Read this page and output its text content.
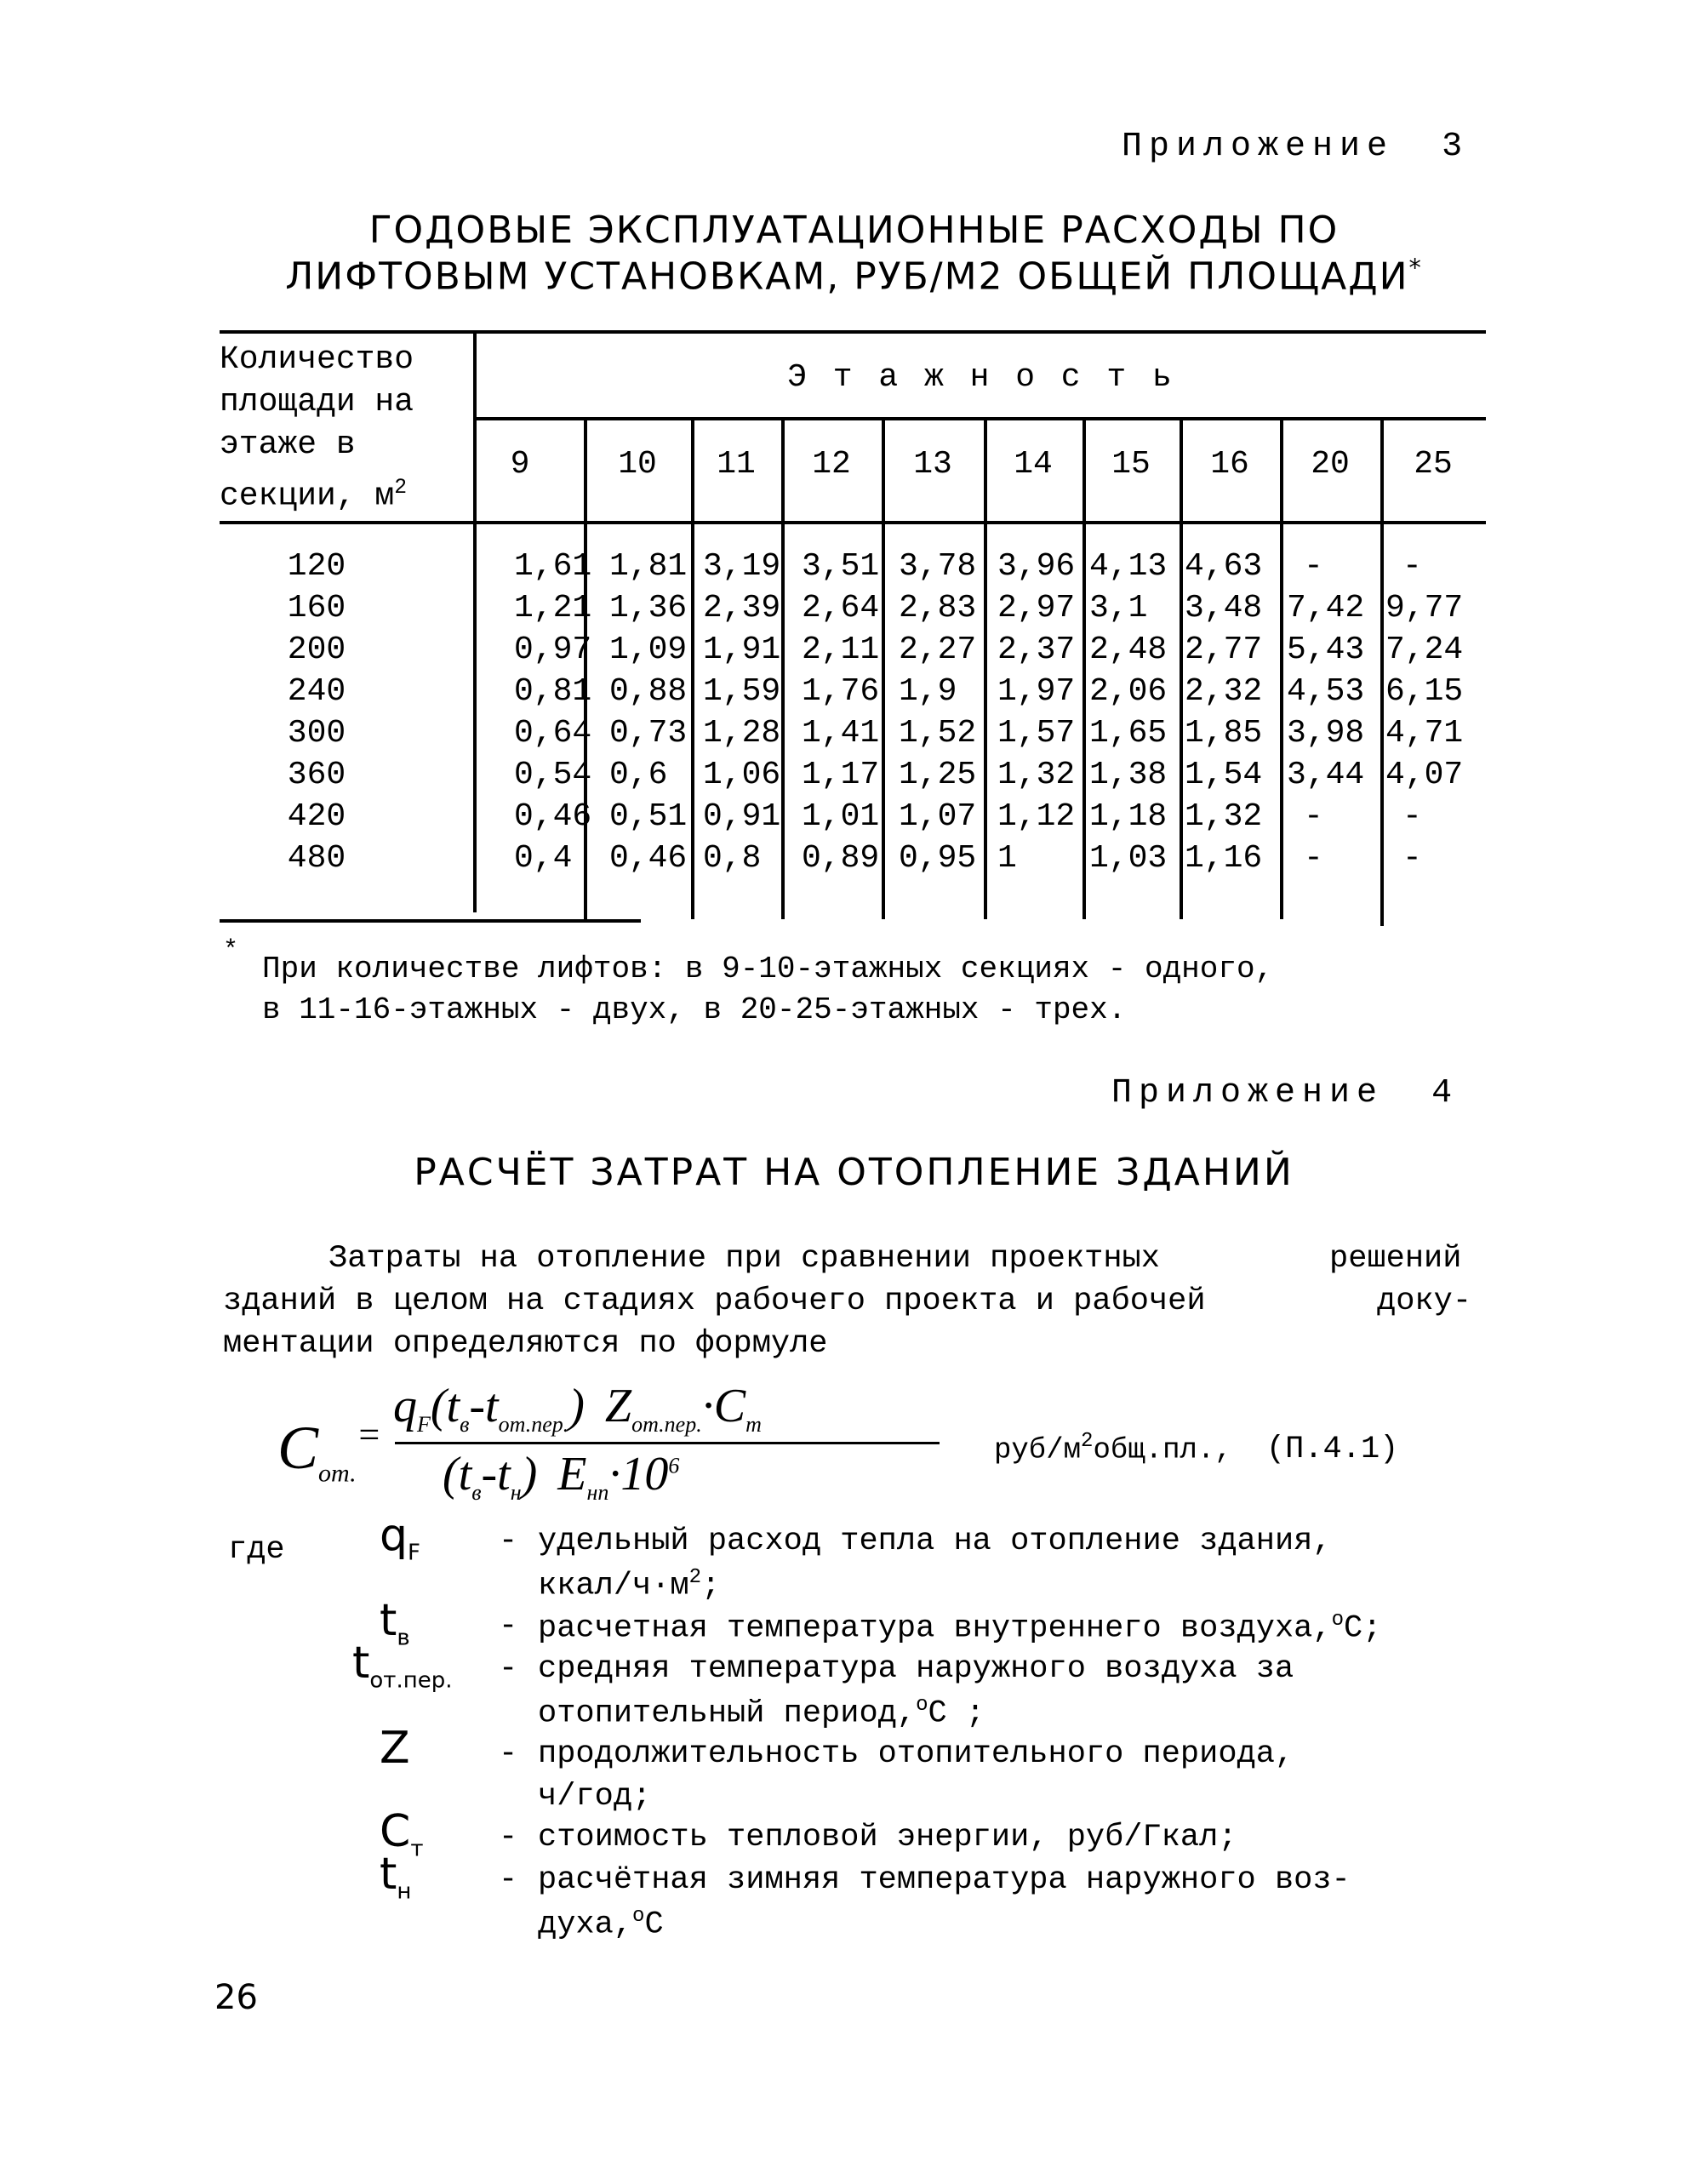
Приложение 3
ГОДОВЫЕ ЭКСПЛУАТАЦИОННЫЕ РАСХОДЫ ПО
ЛИФТОВЫМ УСТАНОВКАМ, РУБ/М2 ОБЩЕЙ ПЛОЩАДИ*
Количество
площади на
этаже в
секции, $м^2$
Э т а ж н о с т ь
9	10	11	12	13	14	15	16	20	25
120	1,61 1,81 3,19 3,51 3,78 3,96 4,13 4,63 - -
160	1,21 1,36 2,39 2,64 2,83 2,97 3,1 3,48 7,42 9,77
200	0,97 1,09 1,91 2,11 2,27 2,37 2,48 2,77 5,43 7,24
240	0,81 0,88 1,59 1,76 1,9 1,97 2,06 2,32 4,53 6,15
300	0,64 0,73 1,28 1,41 1,52 1,57 1,65 1,85 3,98 4,71
360	0,54 0,6 1,06 1,17 1,25 1,32 1,38 1,54 3,44 4,07
420	0,46 0,51 0,91 1,01 1,07 1,12 1,18 1,32 - -
480	0,4 0,46 0,8 0,89 0,95 1 1,03 1,16 - -
*
При количестве лифтов: в 9-10-этажных секциях - одного,
в 11-16-этажных - двух, в 20-25-этажных - трех.
Приложение 4
РАСЧЁТ ЗАТРАТ НА ОТОПЛЕНИЕ ЗДАНИЙ
Затраты на отопление при сравнении проектных	решений
зданий в целом на стадиях рабочего проекта и рабочей	доку-
ментации определяются по формуле
$C_{от.}^=$
$q_F(t_в-t_{от.пер.})$ $Z_{от.пер.}\cdot C_т$
$(t_в-t_н)$ $E_{нп}\cdot 10^6$	руб/$м^2общ.пл$., (П.4.1)
где $q_F$ - удельный расход тепла на отопление здания,
ккал/$ч\cdot м^2$;
$t_в$	- расчетная температура внутреннего воздуха,$^о$C;
$t_{от.пер.}$ - средняя температура наружного воздуха за
отопительный период,$^о$C ;
Z	- продолжительность отопительного периода,
ч/год;
$C_т$ - стоимость тепловой энергии, руб/Гкал;
$t_н$	- расчётная зимняя температура наружного воз-
духа,$^о$C
26
